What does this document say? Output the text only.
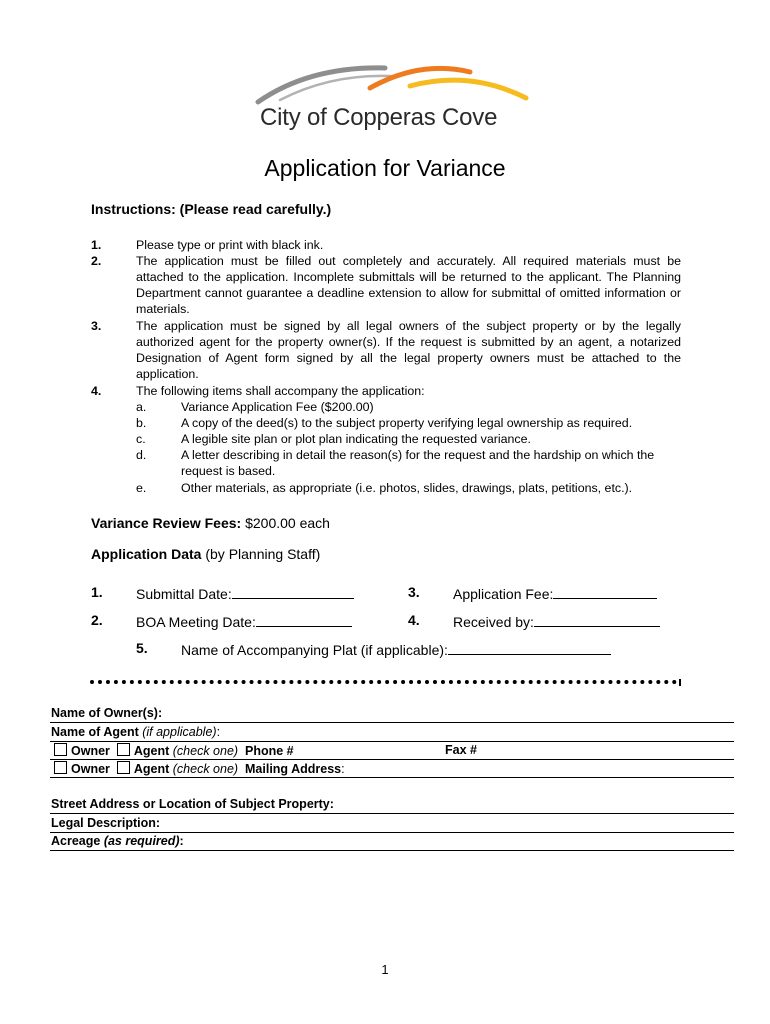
City of Copperas Cove
Application for Variance
Instructions: (Please read carefully.)
1.	Please type or print with black ink.
2.	The application must be filled out completely and accurately. All required materials must be attached to the application. Incomplete submittals will be returned to the applicant. The Planning Department cannot guarantee a deadline extension to allow for submittal of omitted information or materials.
3.	The application must be signed by all legal owners of the subject property or by the legally authorized agent for the property owner(s). If the request is submitted by an agent, a notarized Designation of Agent form signed by all the legal property owners must be attached to the application.
4.	The following items shall accompany the application:
a.	Variance Application Fee ($200.00)
b.	A copy of the deed(s) to the subject property verifying legal ownership as required.
c.	A legible site plan or plot plan indicating the requested variance.
d.	A letter describing in detail the reason(s) for the request and the hardship on which the request is based.
e.	Other materials, as appropriate (i.e. photos, slides, drawings, plats, petitions, etc.).
Variance Review Fees: $200.00 each
Application Data (by Planning Staff)
1. Submittal Date:
2. BOA Meeting Date:
3. Application Fee:
4. Received by:
5. Name of Accompanying Plat (if applicable):
Name of Owner(s):
Name of Agent (if applicable):
Owner Agent (check one) Phone #	Fax #
Owner Agent (check one) Mailing Address:
Street Address or Location of Subject Property:
Legal Description:
Acreage (as required):
1
